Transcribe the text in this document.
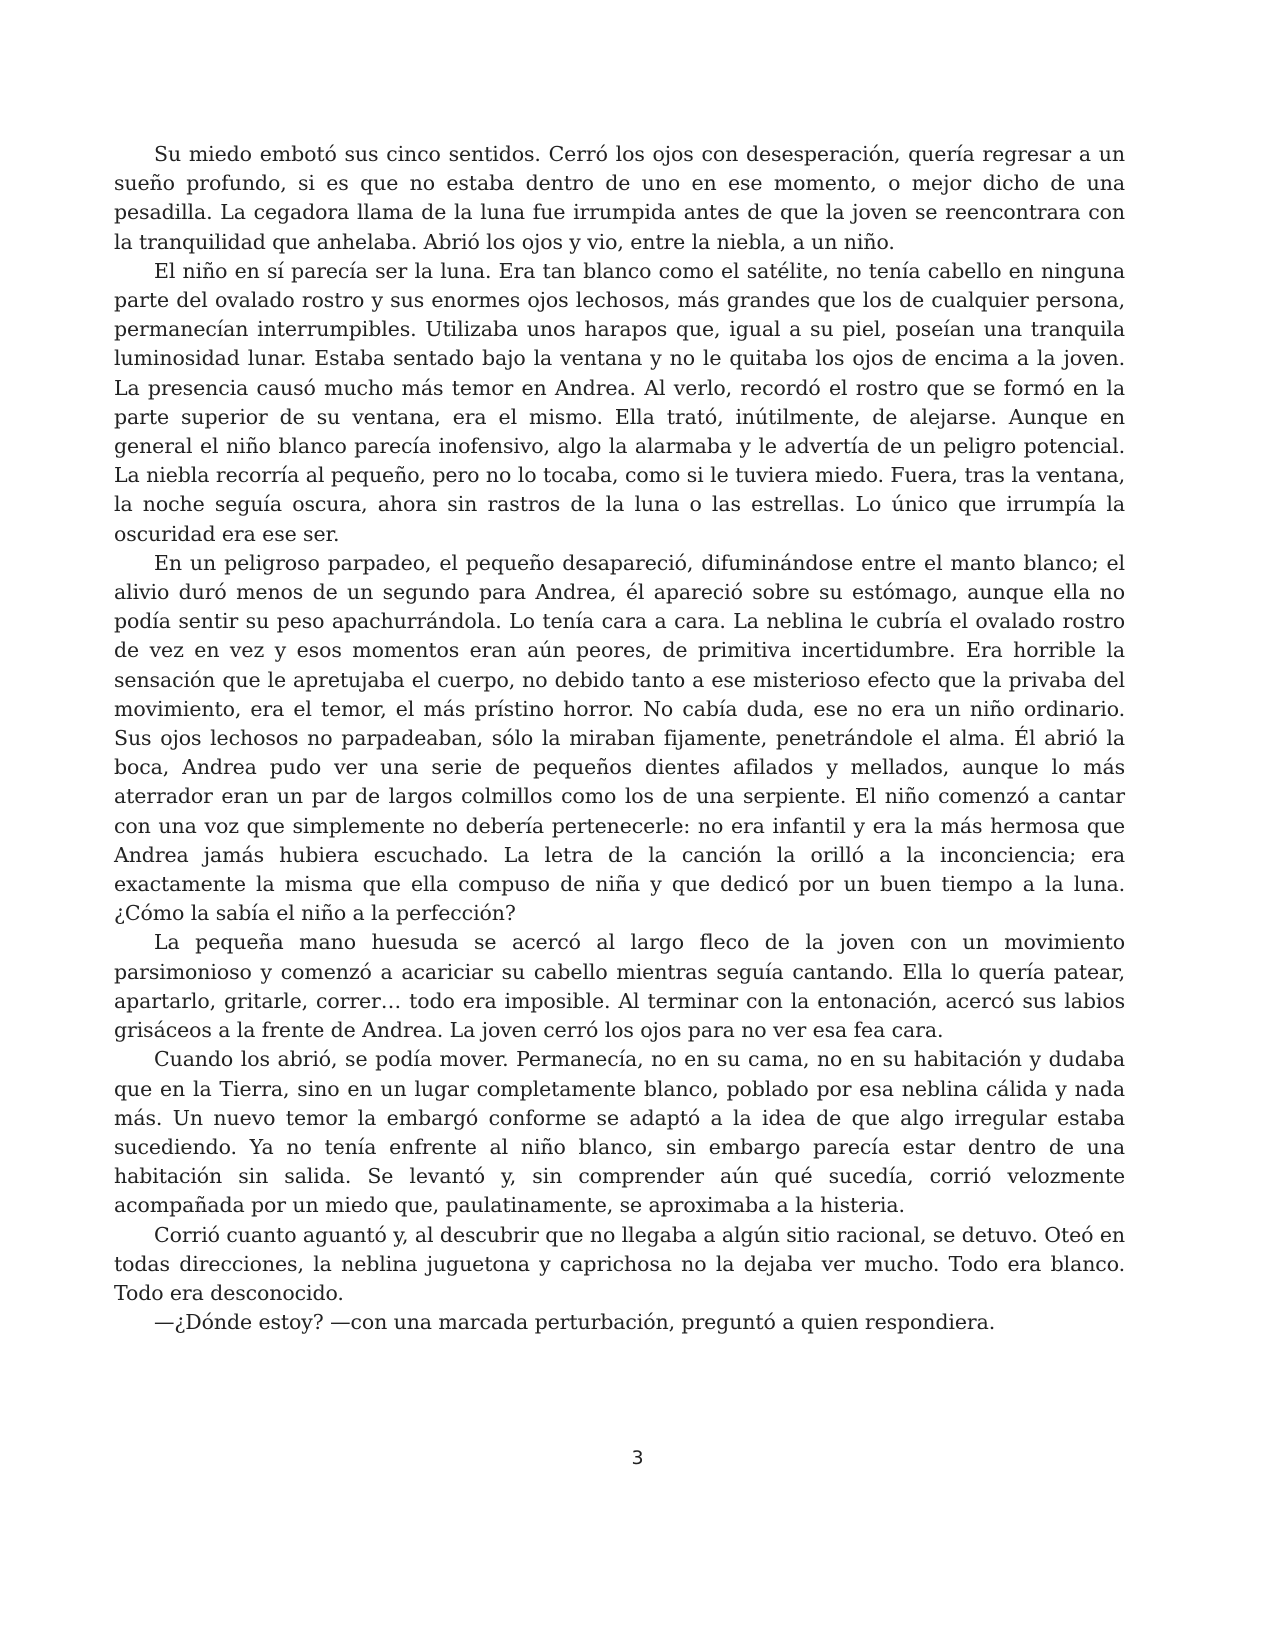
Su miedo embotó sus cinco sentidos. Cerró los ojos con desesperación, quería regresar a un sueño profundo, si es que no estaba dentro de uno en ese momento, o mejor dicho de una pesadilla. La cegadora llama de la luna fue irrumpida antes de que la joven se reencontrara con la tranquilidad que anhelaba. Abrió los ojos y vio, entre la niebla, a un niño.

El niño en sí parecía ser la luna. Era tan blanco como el satélite, no tenía cabello en ninguna parte del ovalado rostro y sus enormes ojos lechosos, más grandes que los de cualquier persona, permanecían interrumpibles. Utilizaba unos harapos que, igual a su piel, poseían una tranquila luminosidad lunar. Estaba sentado bajo la ventana y no le quitaba los ojos de encima a la joven. La presencia causó mucho más temor en Andrea. Al verlo, recordó el rostro que se formó en la parte superior de su ventana, era el mismo. Ella trató, inútilmente, de alejarse. Aunque en general el niño blanco parecía inofensivo, algo la alarmaba y le advertía de un peligro potencial. La niebla recorría al pequeño, pero no lo tocaba, como si le tuviera miedo. Fuera, tras la ventana, la noche seguía oscura, ahora sin rastros de la luna o las estrellas. Lo único que irrumpía la oscuridad era ese ser.

En un peligroso parpadeo, el pequeño desapareció, difuminándose entre el manto blanco; el alivio duró menos de un segundo para Andrea, él apareció sobre su estómago, aunque ella no podía sentir su peso apachurrándola. Lo tenía cara a cara. La neblina le cubría el ovalado rostro de vez en vez y esos momentos eran aún peores, de primitiva incertidumbre. Era horrible la sensación que le apretujaba el cuerpo, no debido tanto a ese misterioso efecto que la privaba del movimiento, era el temor, el más prístino horror. No cabía duda, ese no era un niño ordinario. Sus ojos lechosos no parpadeaban, sólo la miraban fijamente, penetrándole el alma. Él abrió la boca, Andrea pudo ver una serie de pequeños dientes afilados y mellados, aunque lo más aterrador eran un par de largos colmillos como los de una serpiente. El niño comenzó a cantar con una voz que simplemente no debería pertenecerle: no era infantil y era la más hermosa que Andrea jamás hubiera escuchado. La letra de la canción la orilló a la inconciencia; era exactamente la misma que ella compuso de niña y que dedicó por un buen tiempo a la luna. ¿Cómo la sabía el niño a la perfección?

La pequeña mano huesuda se acercó al largo fleco de la joven con un movimiento parsimonioso y comenzó a acariciar su cabello mientras seguía cantando. Ella lo quería patear, apartarlo, gritarle, correr… todo era imposible. Al terminar con la entonación, acercó sus labios grisáceos a la frente de Andrea. La joven cerró los ojos para no ver esa fea cara.

Cuando los abrió, se podía mover. Permanecía, no en su cama, no en su habitación y dudaba que en la Tierra, sino en un lugar completamente blanco, poblado por esa neblina cálida y nada más. Un nuevo temor la embargó conforme se adaptó a la idea de que algo irregular estaba sucediendo. Ya no tenía enfrente al niño blanco, sin embargo parecía estar dentro de una habitación sin salida. Se levantó y, sin comprender aún qué sucedía, corrió velozmente acompañada por un miedo que, paulatinamente, se aproximaba a la histeria.

Corrió cuanto aguantó y, al descubrir que no llegaba a algún sitio racional, se detuvo. Oteó en todas direcciones, la neblina juguetona y caprichosa no la dejaba ver mucho. Todo era blanco. Todo era desconocido.

—¿Dónde estoy? —con una marcada perturbación, preguntó a quien respondiera.

3
